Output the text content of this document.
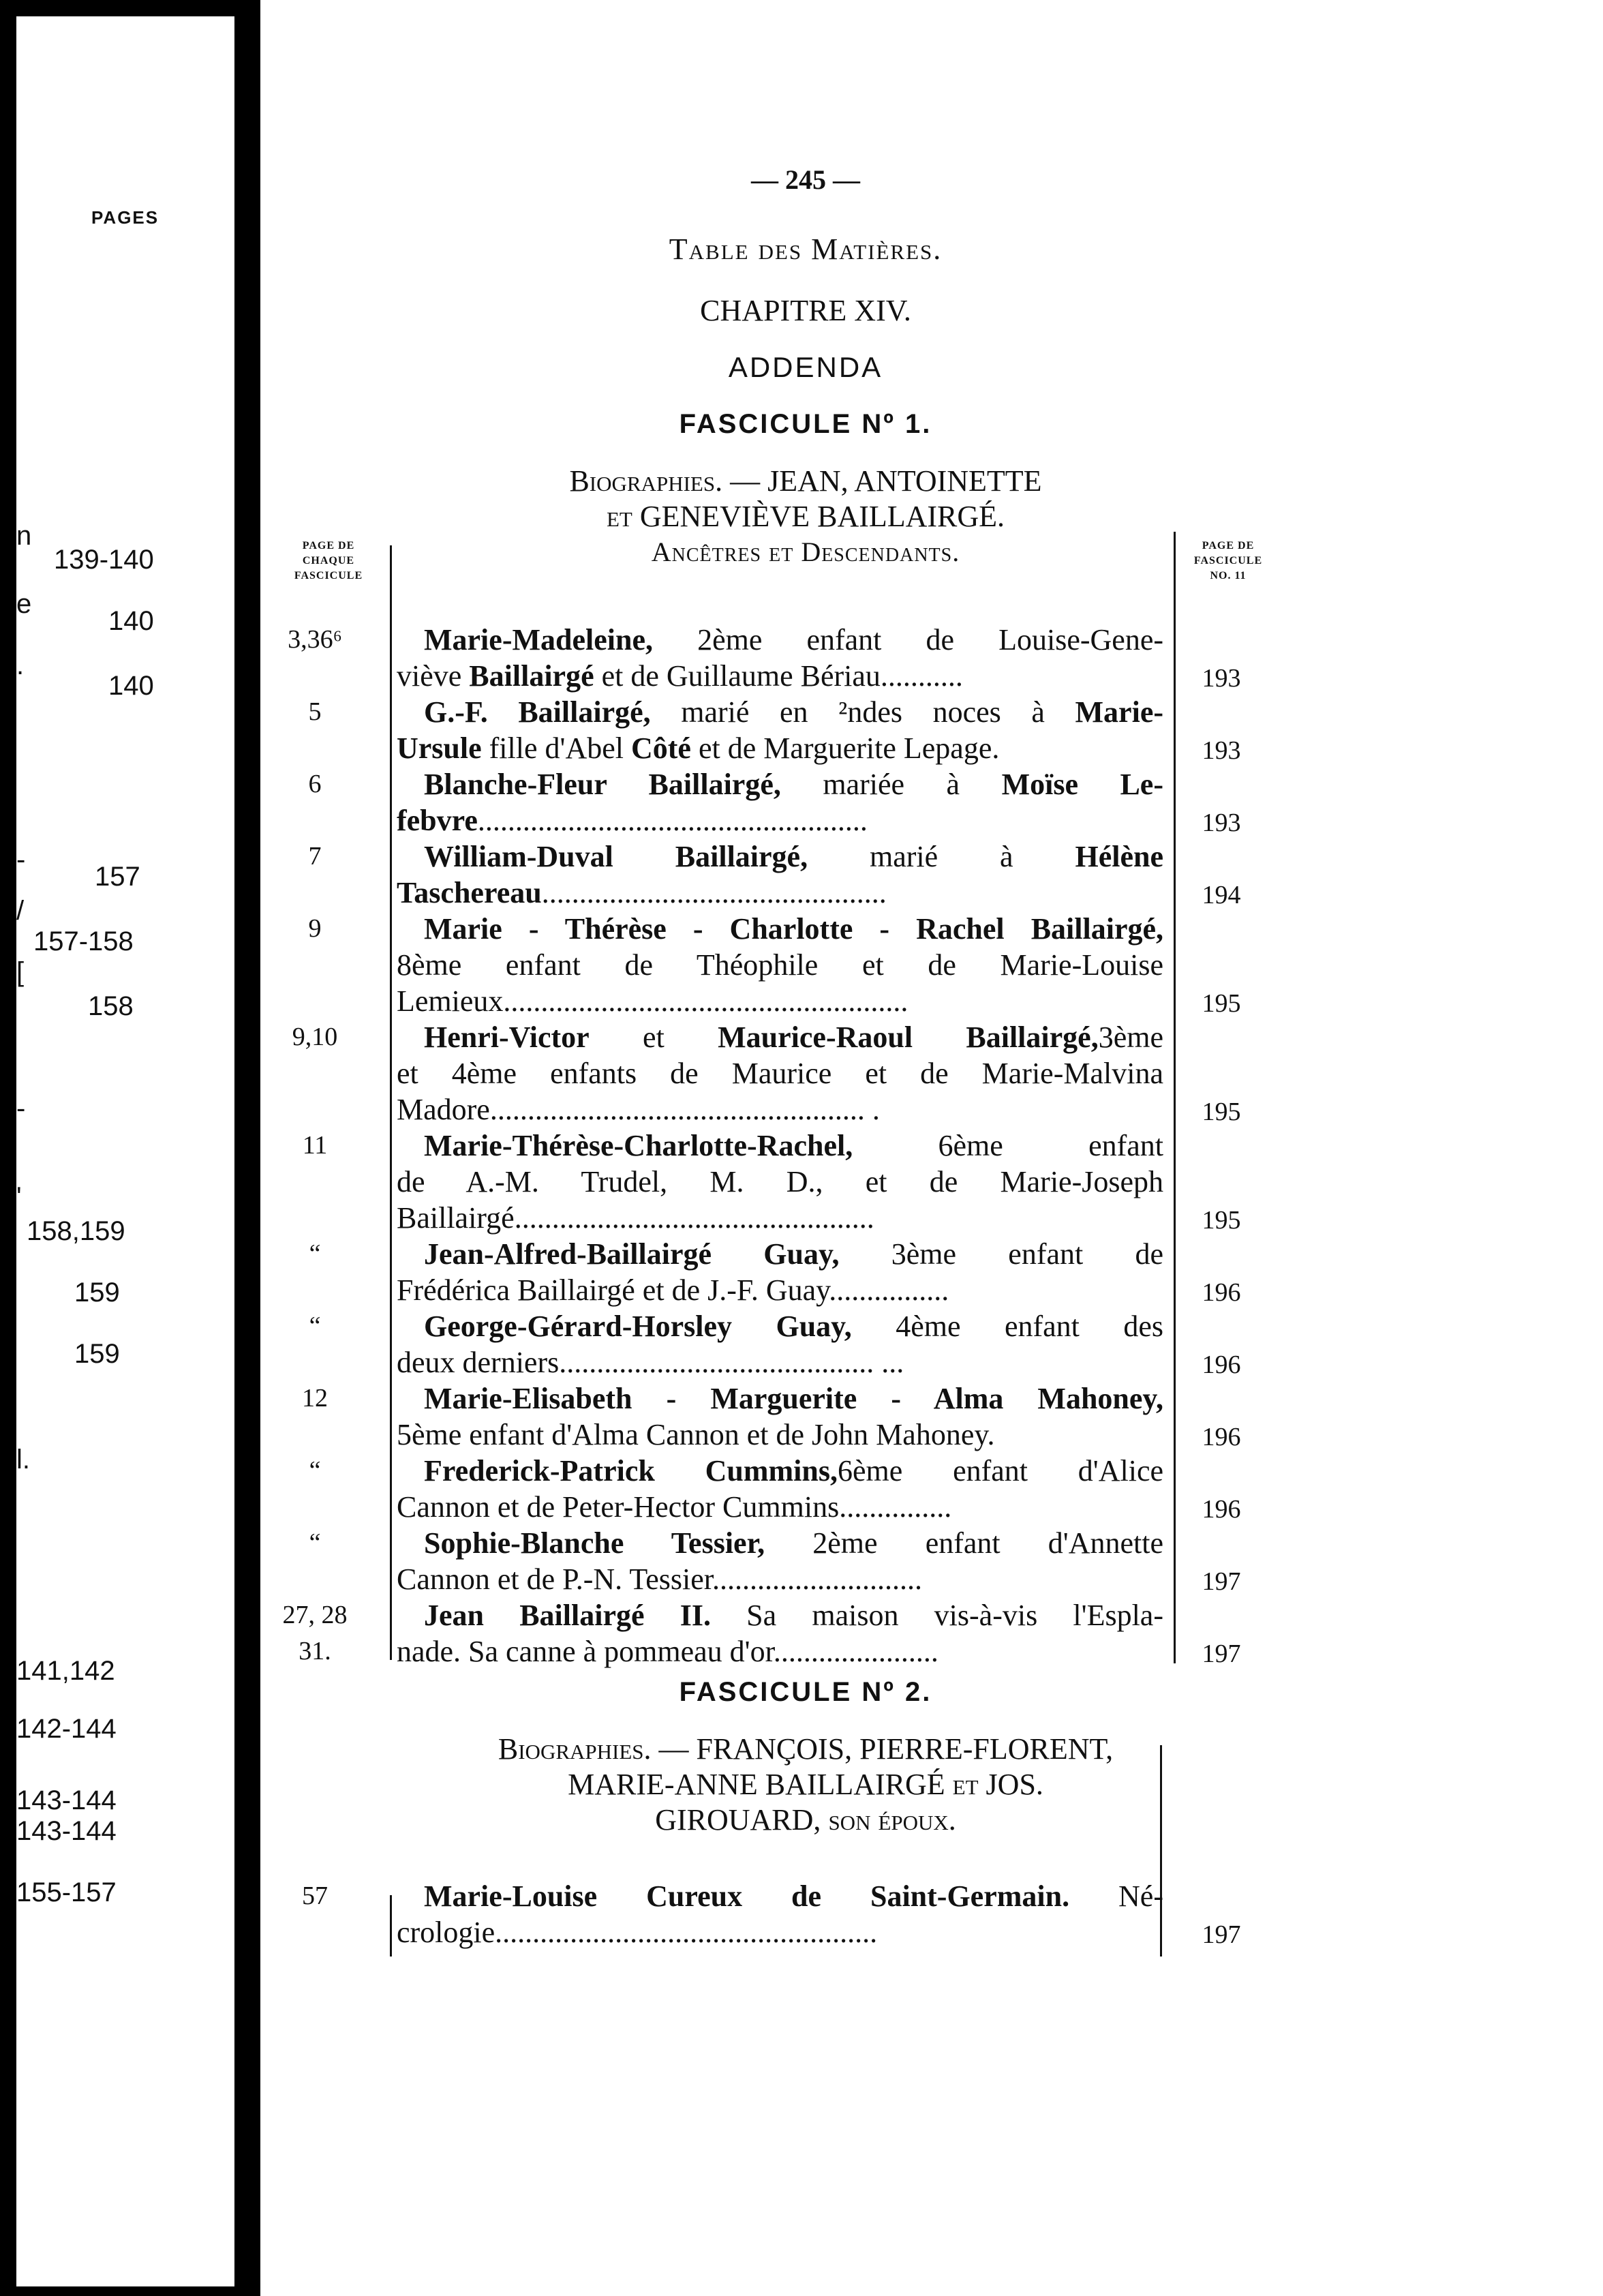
PAGES
139-140
140
140
157
157-158
158
158,159
159
159
141,142
142-144
143-144
143-144
155-157
n
e
.
-
/
[
-
'
l.
— 245 —
Table des Matières.
CHAPITRE XIV.
ADDENDA
FASCICULE Nº 1.
Biographies. — JEAN, ANTOINETTE
et GENEVIÈVE BAILLAIRGÉ.
Ancêtres et Descendants.
PAGE DE
CHAQUE
FASCICULE
PAGE DE
FASCICULE
NO. 11
3,36⁶
193
Marie-Madeleine, 2ème enfant de Louise-Gene-
viève Baillairgé et de Guillaume Bériau...........
5
193
G.-F. Baillairgé, marié en ²ndes noces à Marie-
Ursule fille d'Abel Côté et de Marguerite Lepage.
6
193
Blanche-Fleur Baillairgé, mariée à Moïse Le-
febvre....................................................
7
194
William-Duval Baillairgé, marié à Hélène
Taschereau..............................................
9
195
Marie - Thérèse - Charlotte - Rachel Baillairgé,
8ème enfant de Théophile et de Marie-Louise
Lemieux......................................................
9,10
195
Henri-Victor et Maurice-Raoul Baillairgé,3ème
et 4ème enfants de Maurice et de Marie-Malvina
Madore.................................................. .
11
195
Marie-Thérèse-Charlotte-Rachel, 6ème enfant
de A.-M. Trudel, M. D., et de Marie-Joseph
Baillairgé................................................
“
196
Jean-Alfred-Baillairgé Guay, 3ème enfant de
Frédérica Baillairgé et de J.-F. Guay................
“
196
George-Gérard-Horsley Guay, 4ème enfant des
deux derniers.......................................... ...
12
196
Marie-Elisabeth - Marguerite - Alma Mahoney,
5ème enfant d'Alma Cannon et de John Mahoney.
“
196
Frederick-Patrick Cummins,6ème enfant d'Alice
Cannon et de Peter-Hector Cummins...............
“
197
Sophie-Blanche Tessier, 2ème enfant d'Annette
Cannon et de P.-N. Tessier............................
27, 28
31.	197
Jean Baillairgé II. Sa maison vis-à-vis l'Espla-
nade. Sa canne à pommeau d'or......................
FASCICULE Nº 2.
Biographies. — FRANÇOIS, PIERRE-FLORENT,
MARIE-ANNE BAILLAIRGÉ et JOS.
GIROUARD, son époux.
57
197
Marie-Louise Cureux de Saint-Germain. Né-
crologie...................................................
